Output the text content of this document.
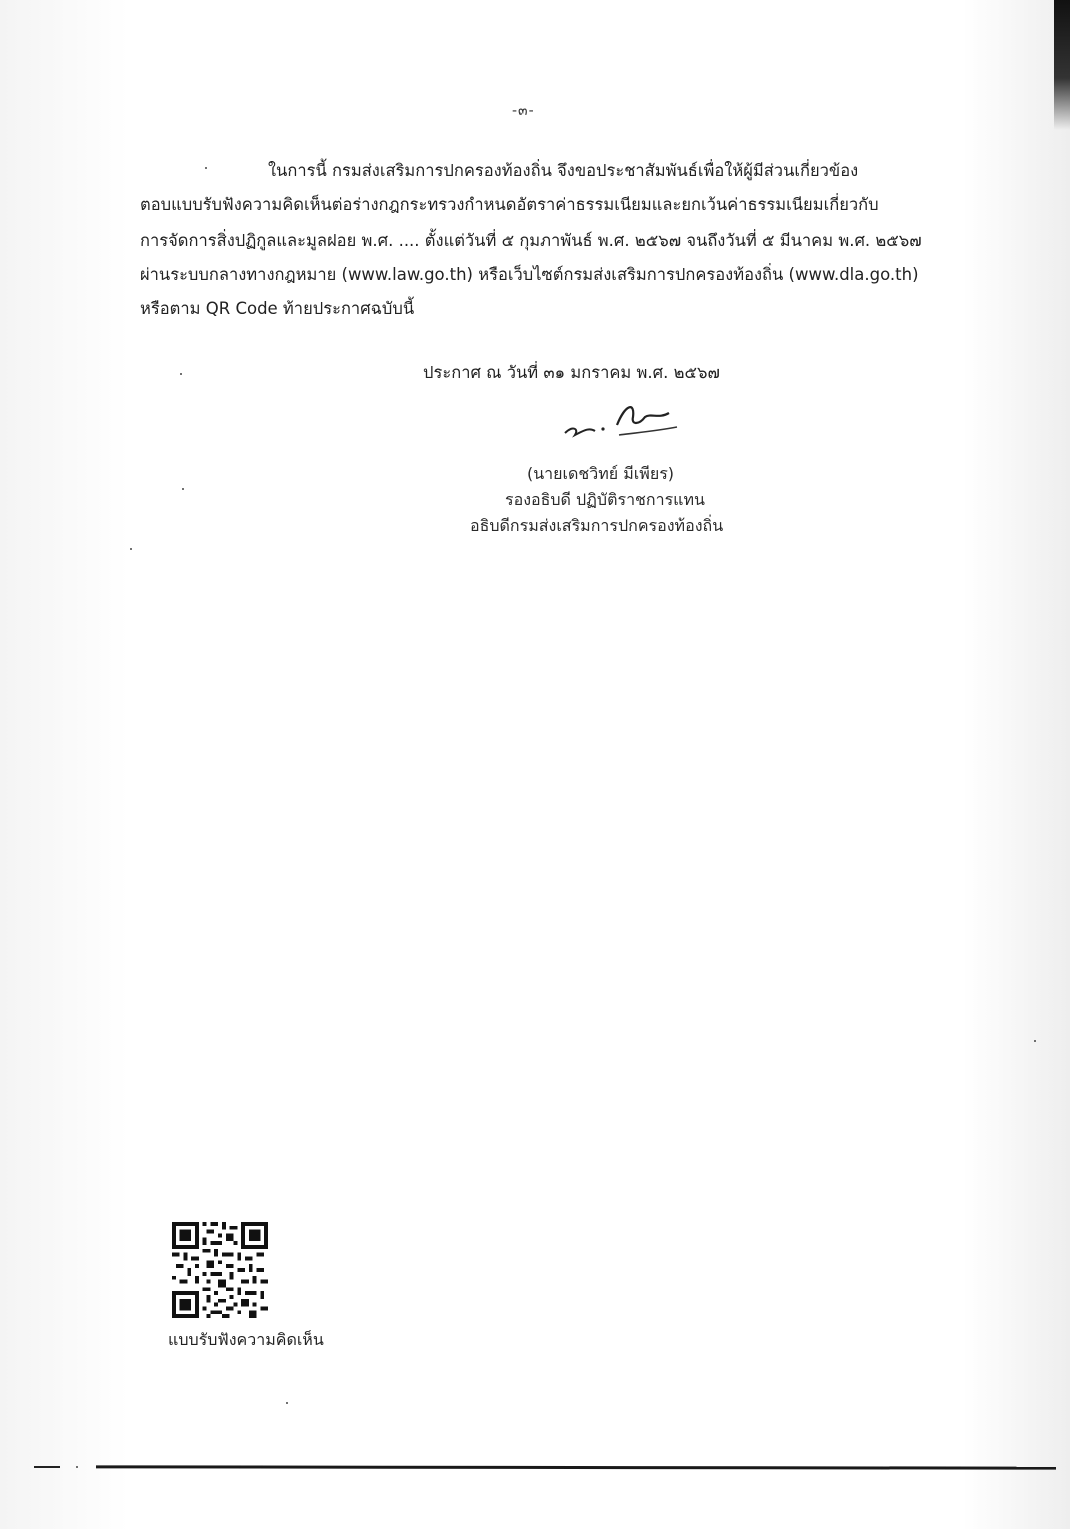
-๓-
ในการนี้ กรมส่งเสริมการปกครองท้องถิ่น จึงขอประชาสัมพันธ์เพื่อให้ผู้มีส่วนเกี่ยวข้อง
ตอบแบบรับฟังความคิดเห็นต่อร่างกฎกระทรวงกำหนดอัตราค่าธรรมเนียมและยกเว้นค่าธรรมเนียมเกี่ยวกับ
การจัดการสิ่งปฏิกูลและมูลฝอย พ.ศ. .... ตั้งแต่วันที่ ๕ กุมภาพันธ์ พ.ศ. ๒๕๖๗ จนถึงวันที่ ๕ มีนาคม พ.ศ. ๒๕๖๗
ผ่านระบบกลางทางกฎหมาย (www.law.go.th) หรือเว็บไซต์กรมส่งเสริมการปกครองท้องถิ่น (www.dla.go.th)
หรือตาม QR Code ท้ายประกาศฉบับนี้
ประกาศ ณ วันที่ ๓๑ มกราคม พ.ศ. ๒๕๖๗
(นายเดชวิทย์ มีเพียร)
รองอธิบดี ปฏิบัติราชการแทน
อธิบดีกรมส่งเสริมการปกครองท้องถิ่น
แบบรับฟังความคิดเห็น
